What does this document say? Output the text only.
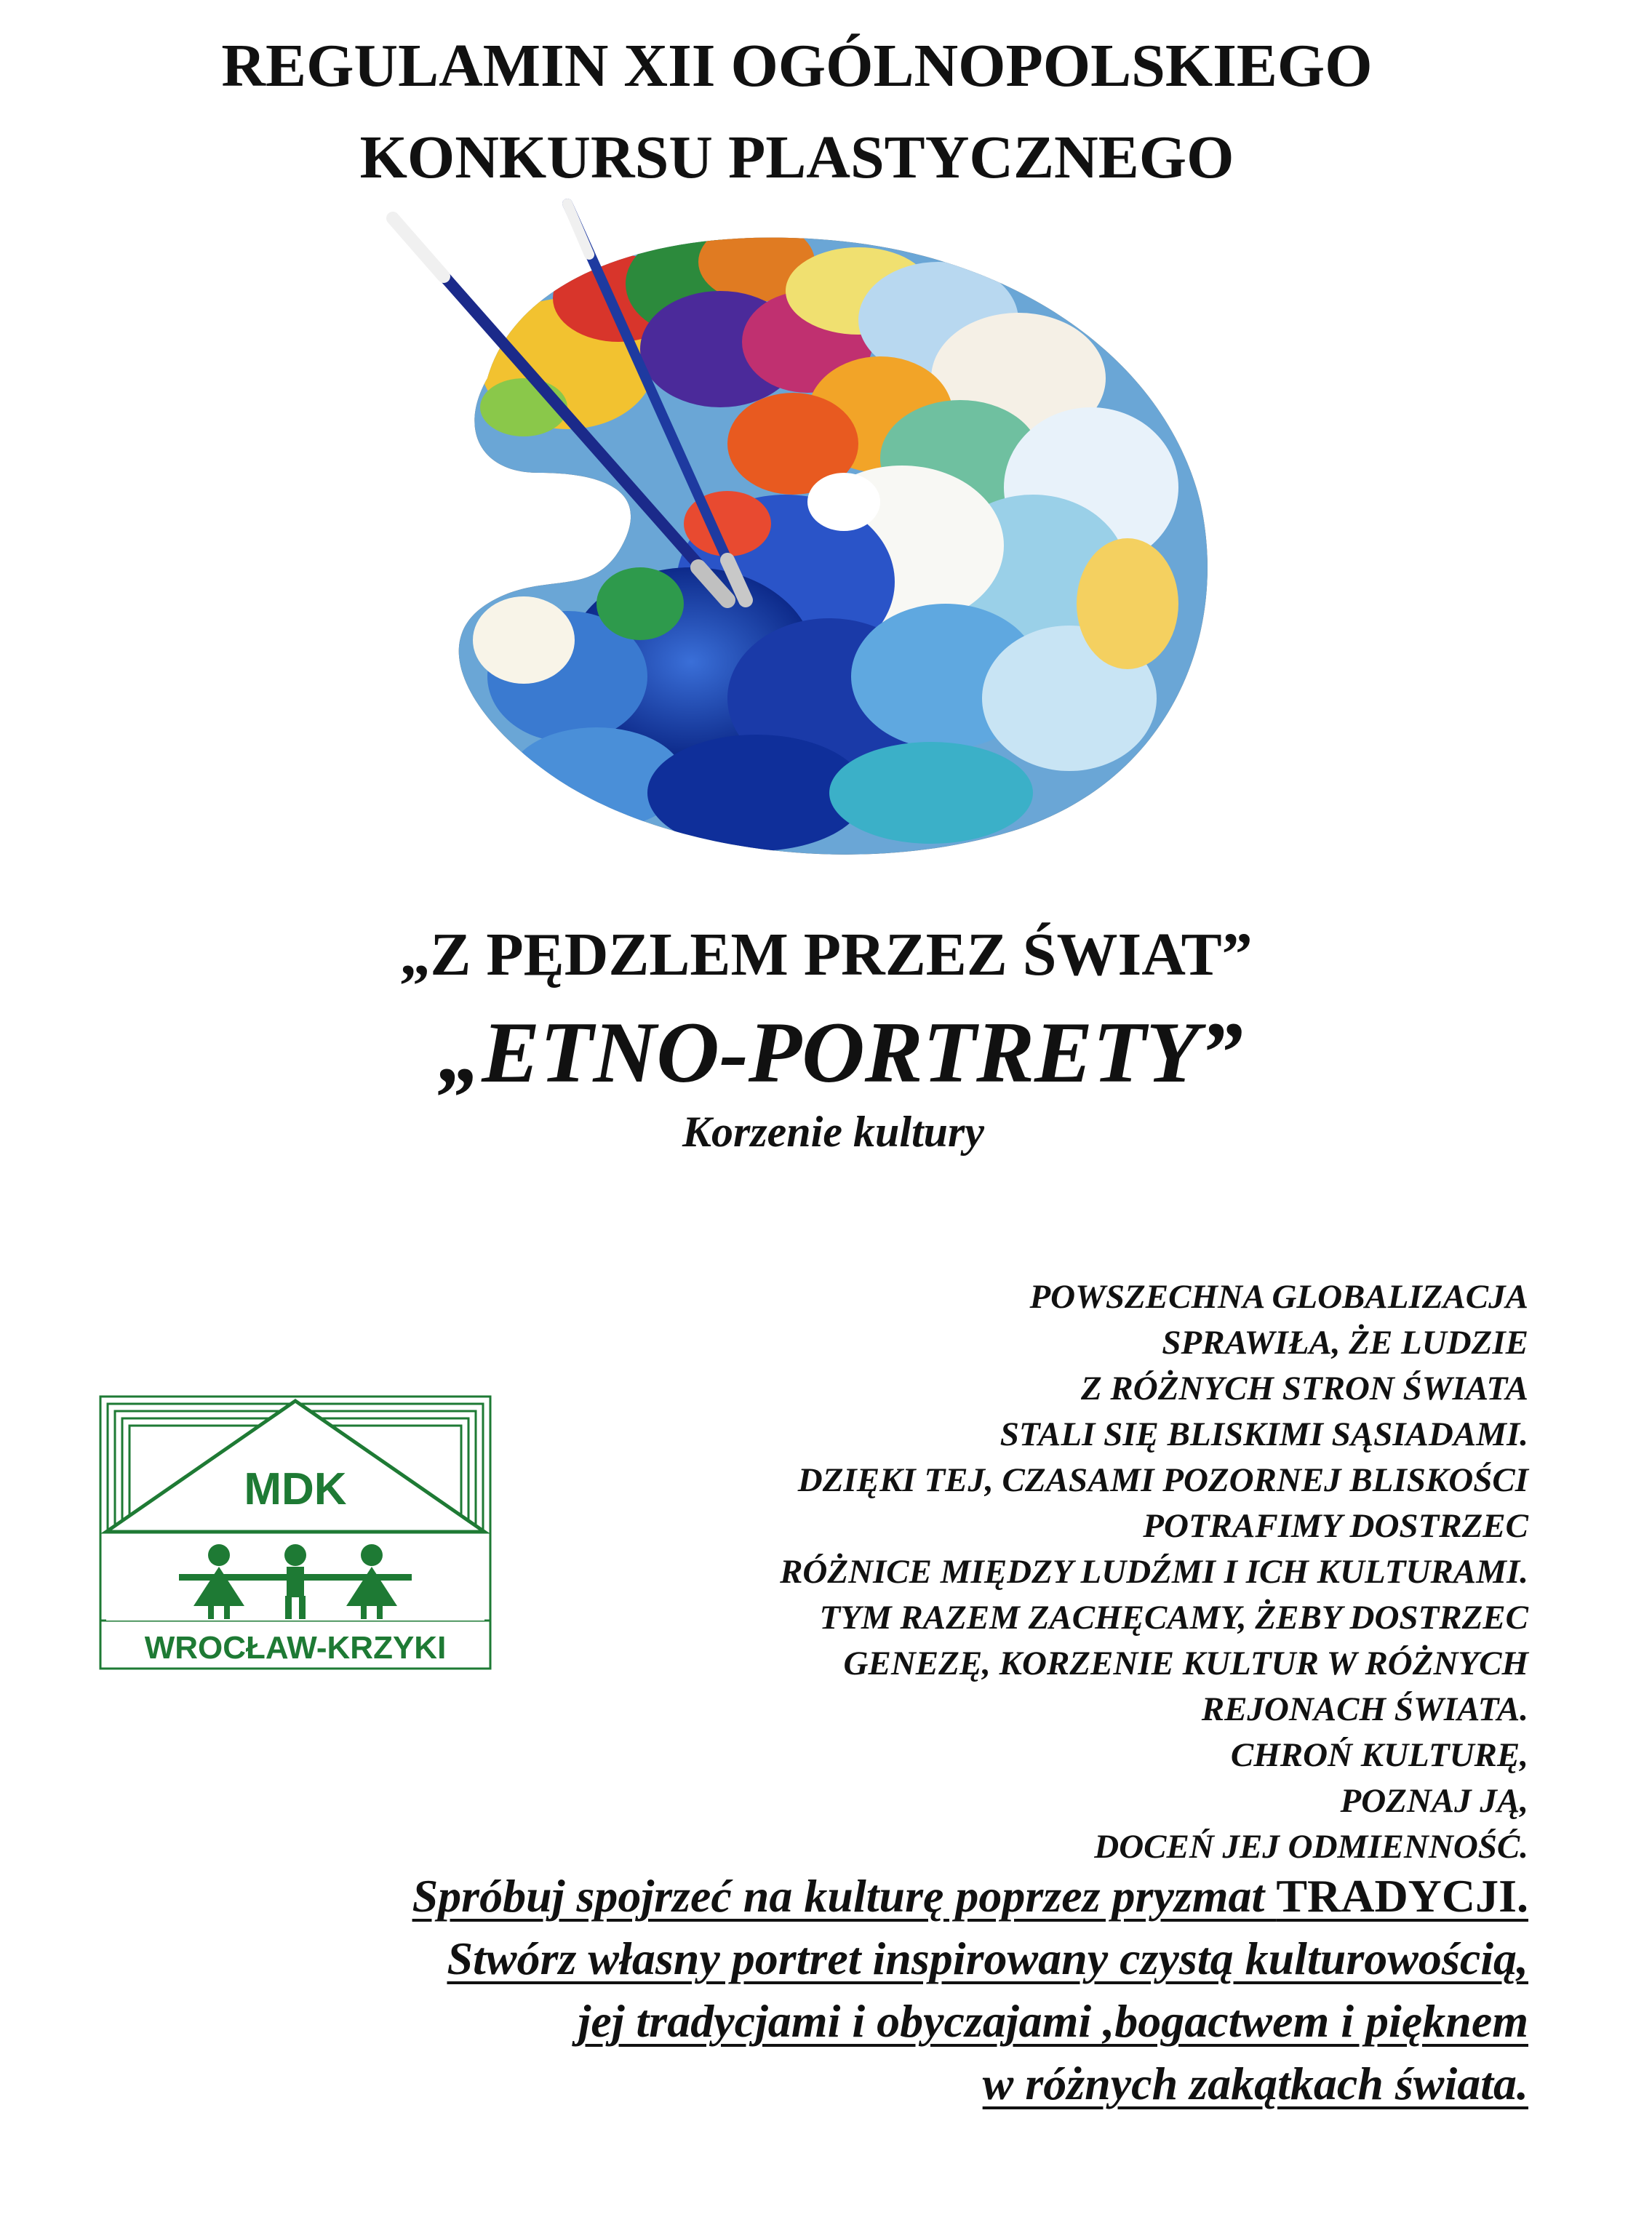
REGULAMIN XII OGÓLNOPOLSKIEGO
KONKURSU PLASTYCZNEGO
„Z PĘDZLEM PRZEZ ŚWIAT”
„ETNO-PORTRETY”
Korzenie kultury
MDK
WROCŁAW-KRZYKI
POWSZECHNA GLOBALIZACJA
SPRAWIŁA, ŻE LUDZIE
Z RÓŻNYCH STRON ŚWIATA
STALI SIĘ BLISKIMI SĄSIADAMI.
DZIĘKI TEJ, CZASAMI POZORNEJ BLISKOŚCI
POTRAFIMY DOSTRZEC
RÓŻNICE MIĘDZY LUDŹMI I ICH KULTURAMI.
TYM RAZEM ZACHĘCAMY, ŻEBY DOSTRZEC
GENEZĘ, KORZENIE KULTUR W RÓŻNYCH
REJONACH ŚWIATA.
CHROŃ KULTURĘ,
POZNAJ JĄ,
DOCEŃ JEJ ODMIENNOŚĆ.
Spróbuj spojrzeć na kulturę poprzez pryzmat TRADYCJI.
Stwórz własny portret inspirowany czystą kulturowością,
jej tradycjami i obyczajami ,bogactwem i pięknem
w różnych zakątkach świata.
